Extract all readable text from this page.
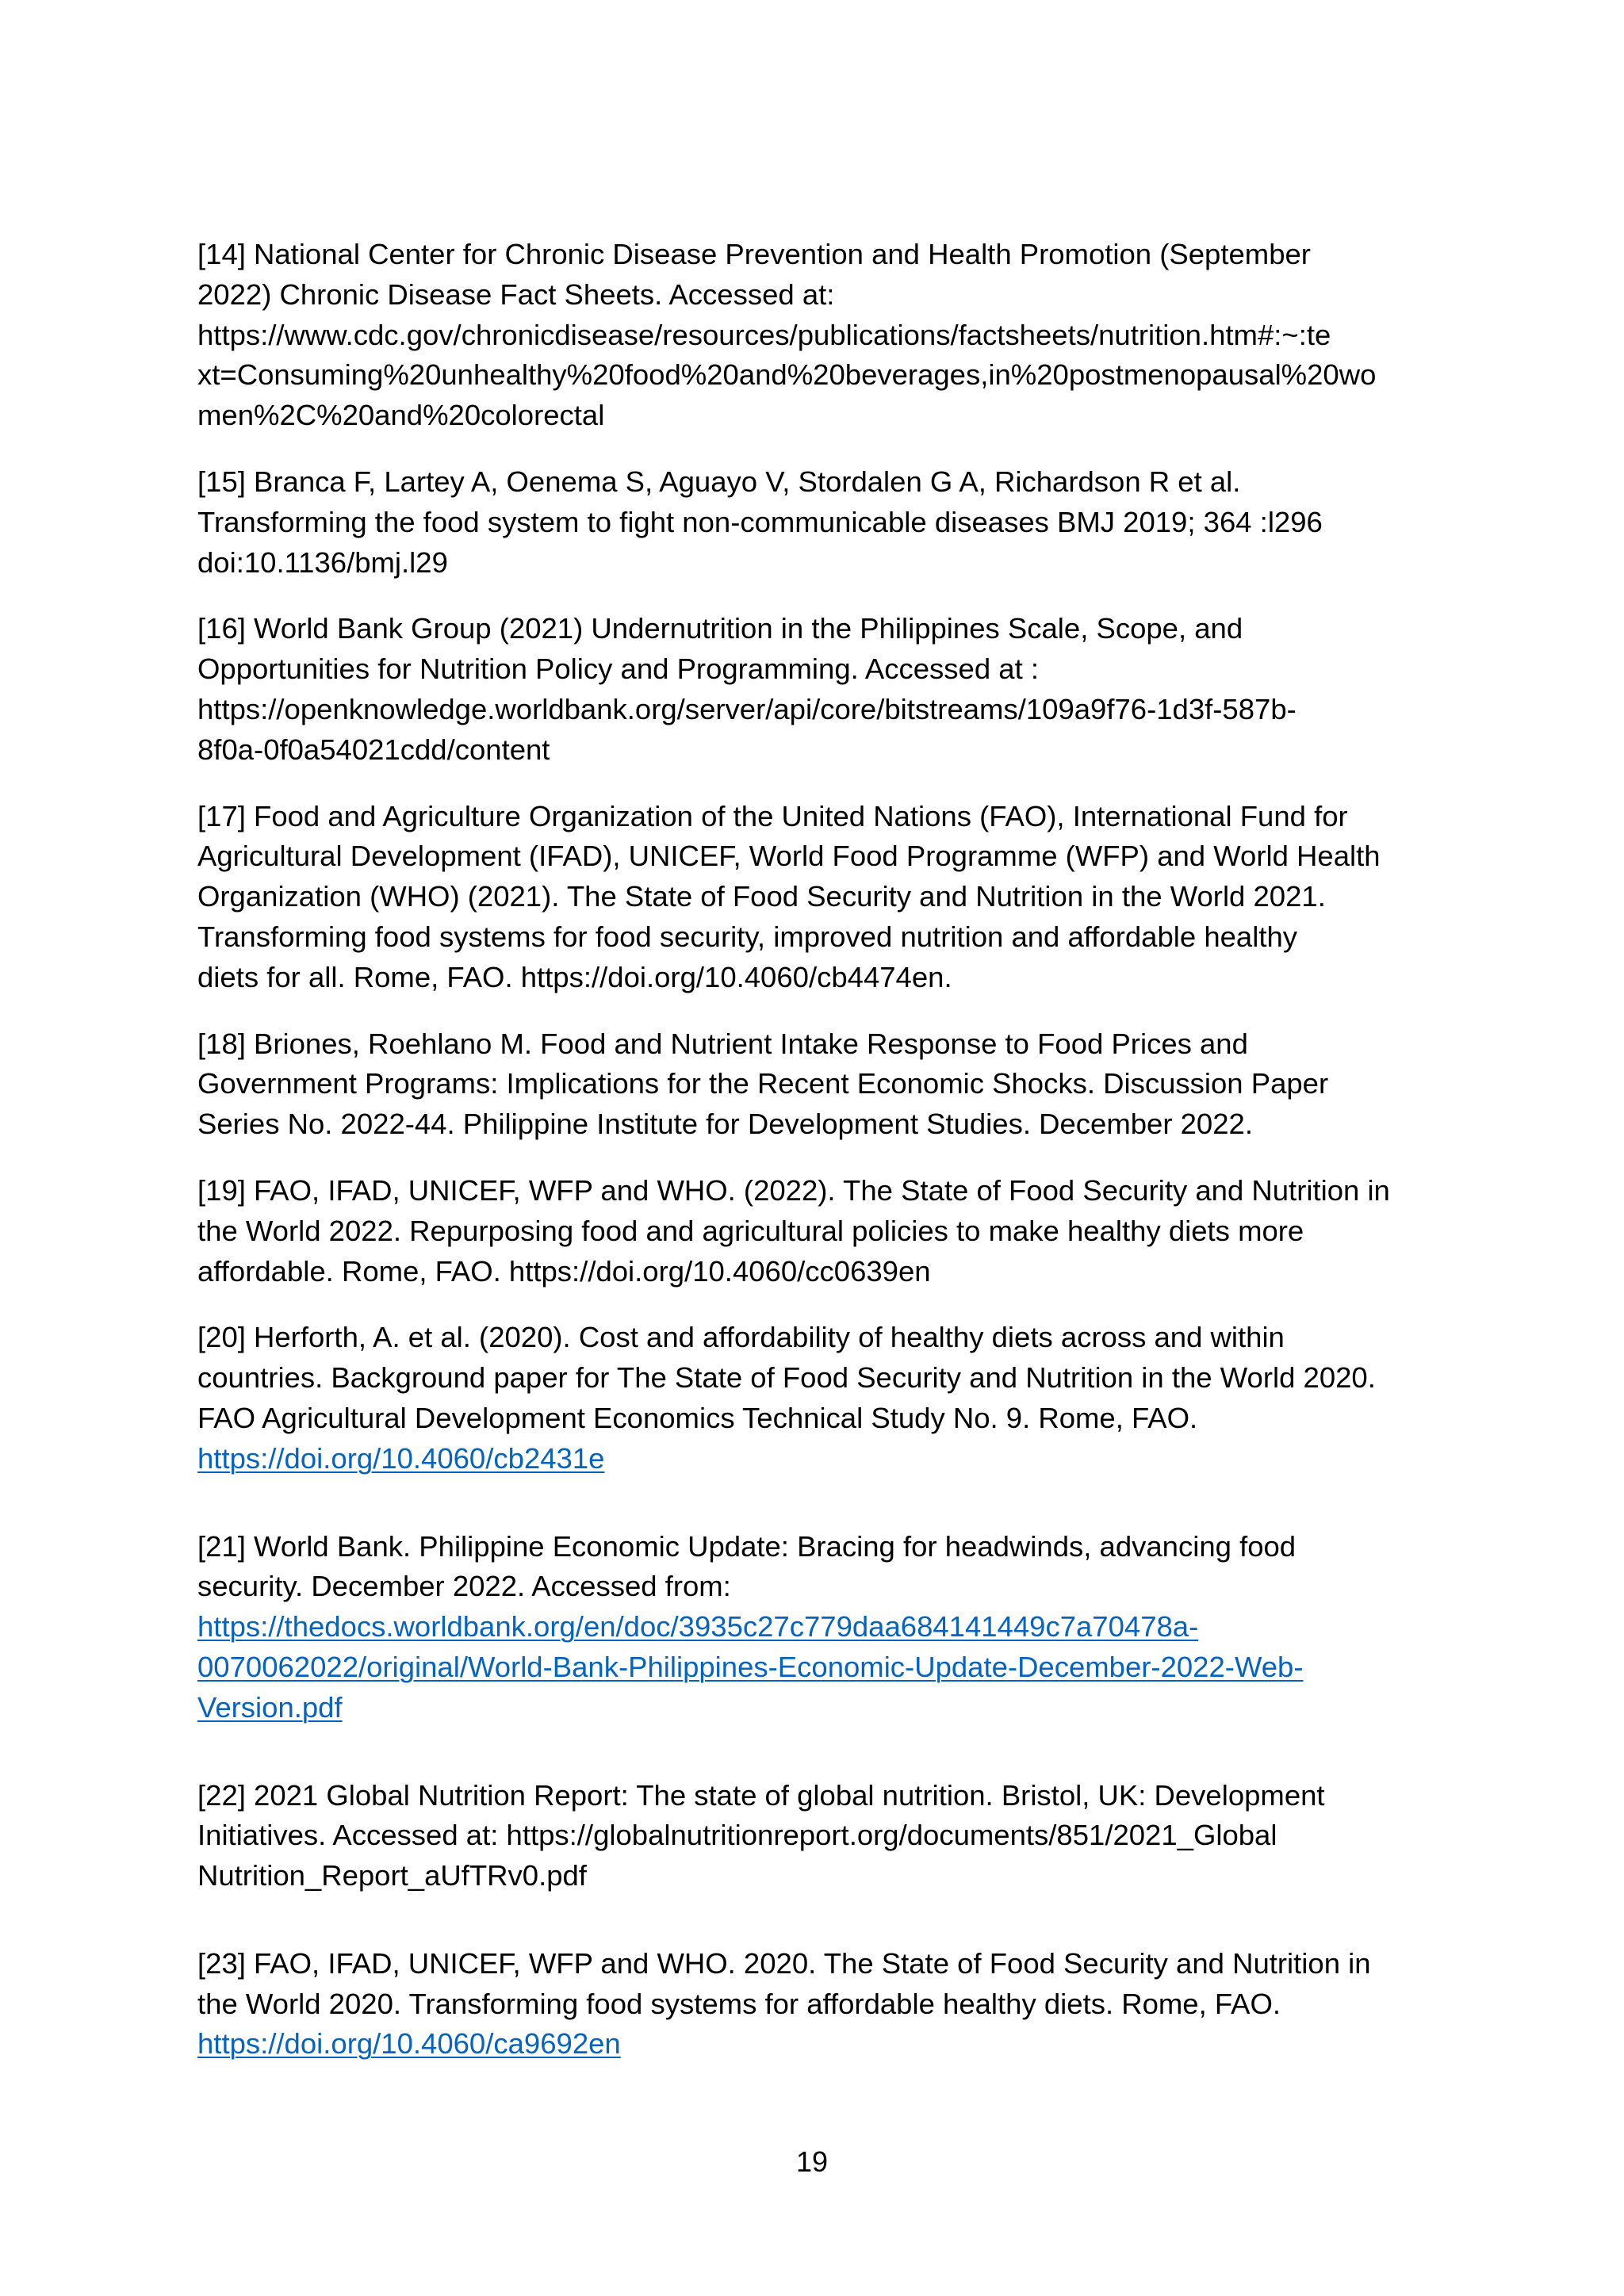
[14] National Center for Chronic Disease Prevention and Health Promotion (September
2022) Chronic Disease Fact Sheets. Accessed at:
https://www.cdc.gov/chronicdisease/resources/publications/factsheets/nutrition.htm#:~:te
xt=Consuming%20unhealthy%20food%20and%20beverages,in%20postmenopausal%20wo
men%2C%20and%20colorectal
[15] Branca F, Lartey A, Oenema S, Aguayo V, Stordalen G A, Richardson R et al.
Transforming the food system to fight non-communicable diseases BMJ 2019; 364 :l296
doi:10.1136/bmj.l29
[16] World Bank Group (2021) Undernutrition in the Philippines Scale, Scope, and
Opportunities for Nutrition Policy and Programming. Accessed at :
https://openknowledge.worldbank.org/server/api/core/bitstreams/109a9f76-1d3f-587b-
8f0a-0f0a54021cdd/content
[17] Food and Agriculture Organization of the United Nations (FAO), International Fund for
Agricultural Development (IFAD), UNICEF, World Food Programme (WFP) and World Health
Organization (WHO) (2021). The State of Food Security and Nutrition in the World 2021.
Transforming food systems for food security, improved nutrition and affordable healthy
diets for all. Rome, FAO. https://doi.org/10.4060/cb4474en.
[18] Briones, Roehlano M. Food and Nutrient Intake Response to Food Prices and
Government Programs: Implications for the Recent Economic Shocks. Discussion Paper
Series No. 2022-44. Philippine Institute for Development Studies. December 2022.
[19] FAO, IFAD, UNICEF, WFP and WHO. (2022). The State of Food Security and Nutrition in
the World 2022. Repurposing food and agricultural policies to make healthy diets more
affordable. Rome, FAO. https://doi.org/10.4060/cc0639en
[20] Herforth, A. et al. (2020). Cost and affordability of healthy diets across and within
countries. Background paper for The State of Food Security and Nutrition in the World 2020.
FAO Agricultural Development Economics Technical Study No. 9. Rome, FAO.
https://doi.org/10.4060/cb2431e
[21] World Bank. Philippine Economic Update: Bracing for headwinds, advancing food
security. December 2022. Accessed from:
https://thedocs.worldbank.org/en/doc/3935c27c779daa684141449c7a70478a-
0070062022/original/World-Bank-Philippines-Economic-Update-December-2022-Web-
Version.pdf
[22] 2021 Global Nutrition Report: The state of global nutrition. Bristol, UK: Development
Initiatives. Accessed at: https://globalnutritionreport.org/documents/851/2021_Global
Nutrition_Report_aUfTRv0.pdf
[23] FAO, IFAD, UNICEF, WFP and WHO. 2020. The State of Food Security and Nutrition in
the World 2020. Transforming food systems for affordable healthy diets. Rome, FAO.
https://doi.org/10.4060/ca9692en
19
